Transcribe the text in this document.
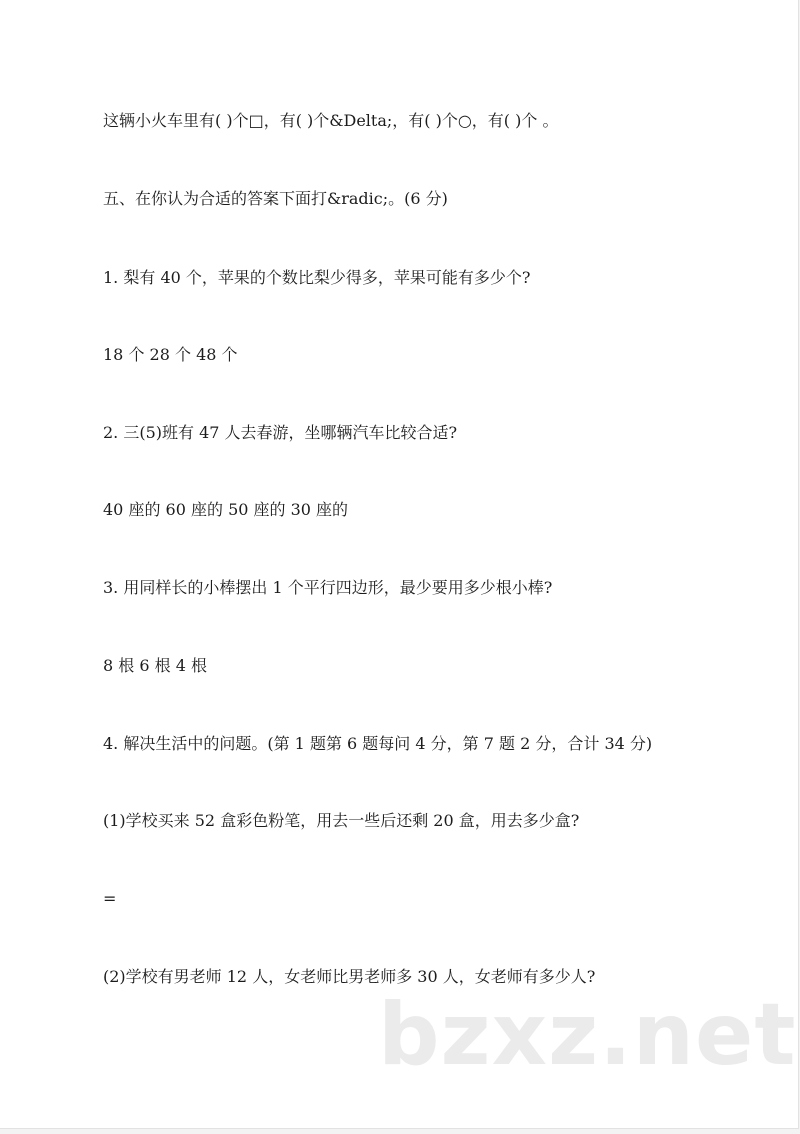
这辆小火车里有( )个□，有( )个&Delta;，有( )个○，有( )个 。

五、在你认为合适的答案下面打&radic;。(6 分)

1. 梨有 40 个，苹果的个数比梨少得多，苹果可能有多少个?

18 个 28 个 48 个

2. 三(5)班有 47 人去春游，坐哪辆汽车比较合适?

40 座的 60 座的 50 座的 30 座的

3. 用同样长的小棒摆出 1 个平行四边形，最少要用多少根小棒?

8 根 6 根 4 根

4. 解决生活中的问题。(第 1 题第 6 题每问 4 分，第 7 题 2 分，合计 34 分)

(1)学校买来 52 盒彩色粉笔，用去一些后还剩 20 盒，用去多少盒?

=

(2)学校有男老师 12 人，女老师比男老师多 30 人，女老师有多少人?

bzxz.net
